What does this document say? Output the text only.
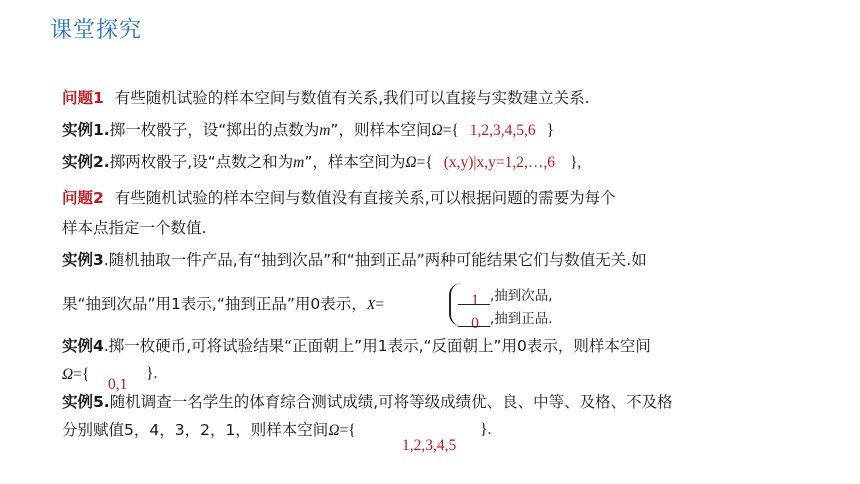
课堂探究
问题1 有些随机试验的样本空间与数值有关系,我们可以直接与实数建立关系.
实例1.掷一枚骰子，设“掷出的点数为m”，则样本空间Ω={ 1,2,3,4,5,6 }
实例2.掷两枚骰子,设“点数之和为m”，样本空间为Ω={ (x,y)|x,y=1,2,…,6 },
问题2 有些随机试验的样本空间与数值没有直接关系,可以根据问题的需要为每个
样本点指定一个数值.
实例3.随机抽取一件产品,有“抽到次品”和“抽到正品”两种可能结果它们与数值无关.如
果“抽到次品”用1表示,“抽到正品”用0表示，X=	1 ,抽到次品,
0 ,抽到正品.
实例4.掷一枚硬币,可将试验结果“正面朝上”用1表示,“反面朝上”用0表示，则样本空间
Ω={
0,1
}.
实例5.随机调查一名学生的体育综合测试成绩,可将等级成绩优、良、中等、及格、不及格
分别赋值5，4，3，2，1，则样本空间Ω={
1,2,3,4,5
}.
